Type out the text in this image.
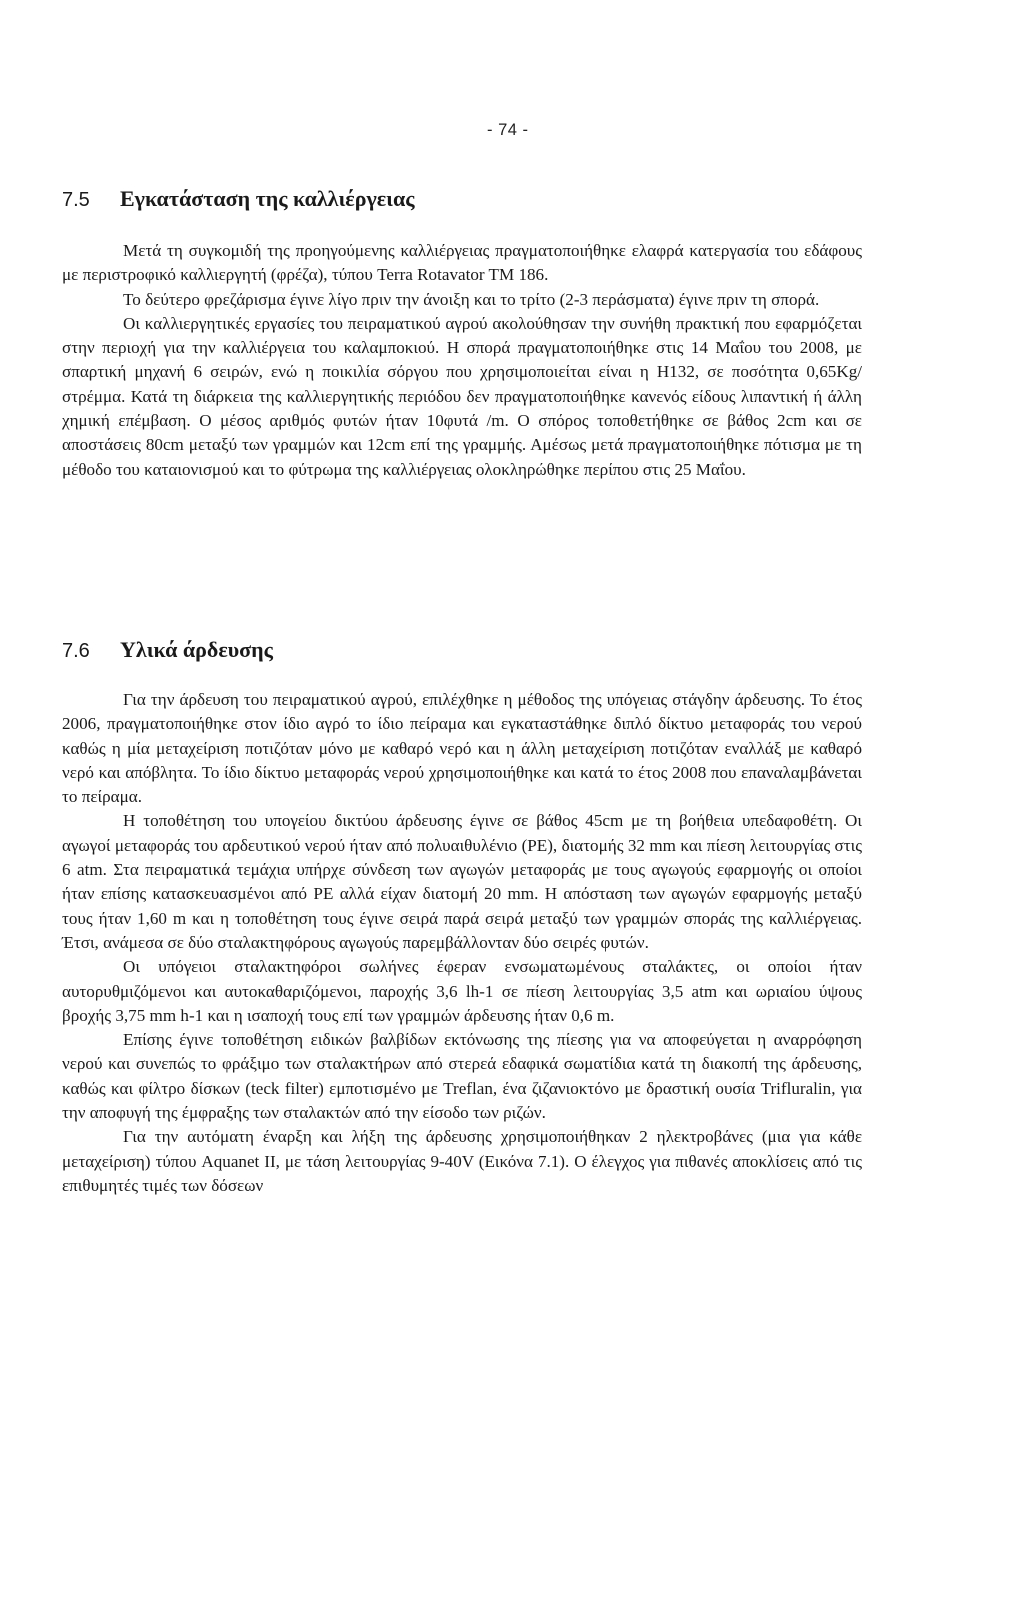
- 74 -
7.5 Εγκατάσταση της καλλιέργειας

Μετά τη συγκομιδή της προηγούμενης καλλιέργειας πραγματοποιήθηκε ελαφρά κατεργασία του εδάφους με περιστροφικό καλλιεργητή (φρέζα), τύπου Terra Rotavator TM 186.

Το δεύτερο φρεζάρισμα έγινε λίγο πριν την άνοιξη και το τρίτο (2-3 περάσματα) έγινε πριν τη σπορά.

Οι καλλιεργητικές εργασίες του πειραματικού αγρού ακολούθησαν την συνήθη πρακτική που εφαρμόζεται στην περιοχή για την καλλιέργεια του καλαμποκιού. Η σπορά πραγματοποιήθηκε στις 14 Μαΐου του 2008, με σπαρτική μηχανή 6 σειρών, ενώ η ποικιλία σόργου που χρησιμοποιείται είναι η H132, σε ποσότητα 0,65Kg/στρέμμα. Κατά τη διάρκεια της καλλιεργητικής περιόδου δεν πραγματοποιήθηκε κανενός είδους λιπαντική ή άλλη χημική επέμβαση. Ο μέσος αριθμός φυτών ήταν 10φυτά /m. Ο σπόρος τοποθετήθηκε σε βάθος 2cm και σε αποστάσεις 80cm μεταξύ των γραμμών και 12cm επί της γραμμής. Αμέσως μετά πραγματοποιήθηκε πότισμα με τη μέθοδο του καταιονισμού και το φύτρωμα της καλλιέργειας ολοκληρώθηκε περίπου στις 25 Μαΐου.

7.6 Υλικά άρδευσης

Για την άρδευση του πειραματικού αγρού, επιλέχθηκε η μέθοδος της υπόγειας στάγδην άρδευσης. Το έτος 2006, πραγματοποιήθηκε στον ίδιο αγρό το ίδιο πείραμα και εγκαταστάθηκε διπλό δίκτυο μεταφοράς του νερού καθώς η μία μεταχείριση ποτιζόταν μόνο με καθαρό νερό και η άλλη μεταχείριση ποτιζόταν εναλλάξ με καθαρό νερό και απόβλητα. Το ίδιο δίκτυο μεταφοράς νερού χρησιμοποιήθηκε και κατά το έτος 2008 που επαναλαμβάνεται το πείραμα.

Η τοποθέτηση του υπογείου δικτύου άρδευσης έγινε σε βάθος 45cm με τη βοήθεια υπεδαφοθέτη. Οι αγωγοί μεταφοράς του αρδευτικού νερού ήταν από πολυαιθυλένιο (PE), διατομής 32 mm και πίεση λειτουργίας στις 6 atm. Στα πειραματικά τεμάχια υπήρχε σύνδεση των αγωγών μεταφοράς με τους αγωγούς εφαρμογής οι οποίοι ήταν επίσης κατασκευασμένοι από PE αλλά είχαν διατομή 20 mm. Η απόσταση των αγωγών εφαρμογής μεταξύ τους ήταν 1,60 m και η τοποθέτηση τους έγινε σειρά παρά σειρά μεταξύ των γραμμών σποράς της καλλιέργειας. Έτσι, ανάμεσα σε δύο σταλακτηφόρους αγωγούς παρεμβάλλονταν δύο σειρές φυτών.

Οι υπόγειοι σταλακτηφόροι σωλήνες έφεραν ενσωματωμένους σταλάκτες, οι οποίοι ήταν αυτορυθμιζόμενοι και αυτοκαθαριζόμενοι, παροχής 3,6 lh-1 σε πίεση λειτουργίας 3,5 atm και ωριαίου ύψους βροχής 3,75 mm h-1 και η ισαποχή τους επί των γραμμών άρδευσης ήταν 0,6 m.

Επίσης έγινε τοποθέτηση ειδικών βαλβίδων εκτόνωσης της πίεσης για να αποφεύγεται η αναρρόφηση νερού και συνεπώς το φράξιμο των σταλακτήρων από στερεά εδαφικά σωματίδια κατά τη διακοπή της άρδευσης, καθώς και φίλτρο δίσκων (teck filter) εμποτισμένο με Treflan, ένα ζιζανιοκτόνο με δραστική ουσία Trifluralin, για την αποφυγή της έμφραξης των σταλακτών από την είσοδο των ριζών.

Για την αυτόματη έναρξη και λήξη της άρδευσης χρησιμοποιήθηκαν 2 ηλεκτροβάνες (μια για κάθε μεταχείριση) τύπου Aquanet II, με τάση λειτουργίας 9-40V (Εικόνα 7.1). Ο έλεγχος για πιθανές αποκλίσεις από τις επιθυμητές τιμές των δόσεων
